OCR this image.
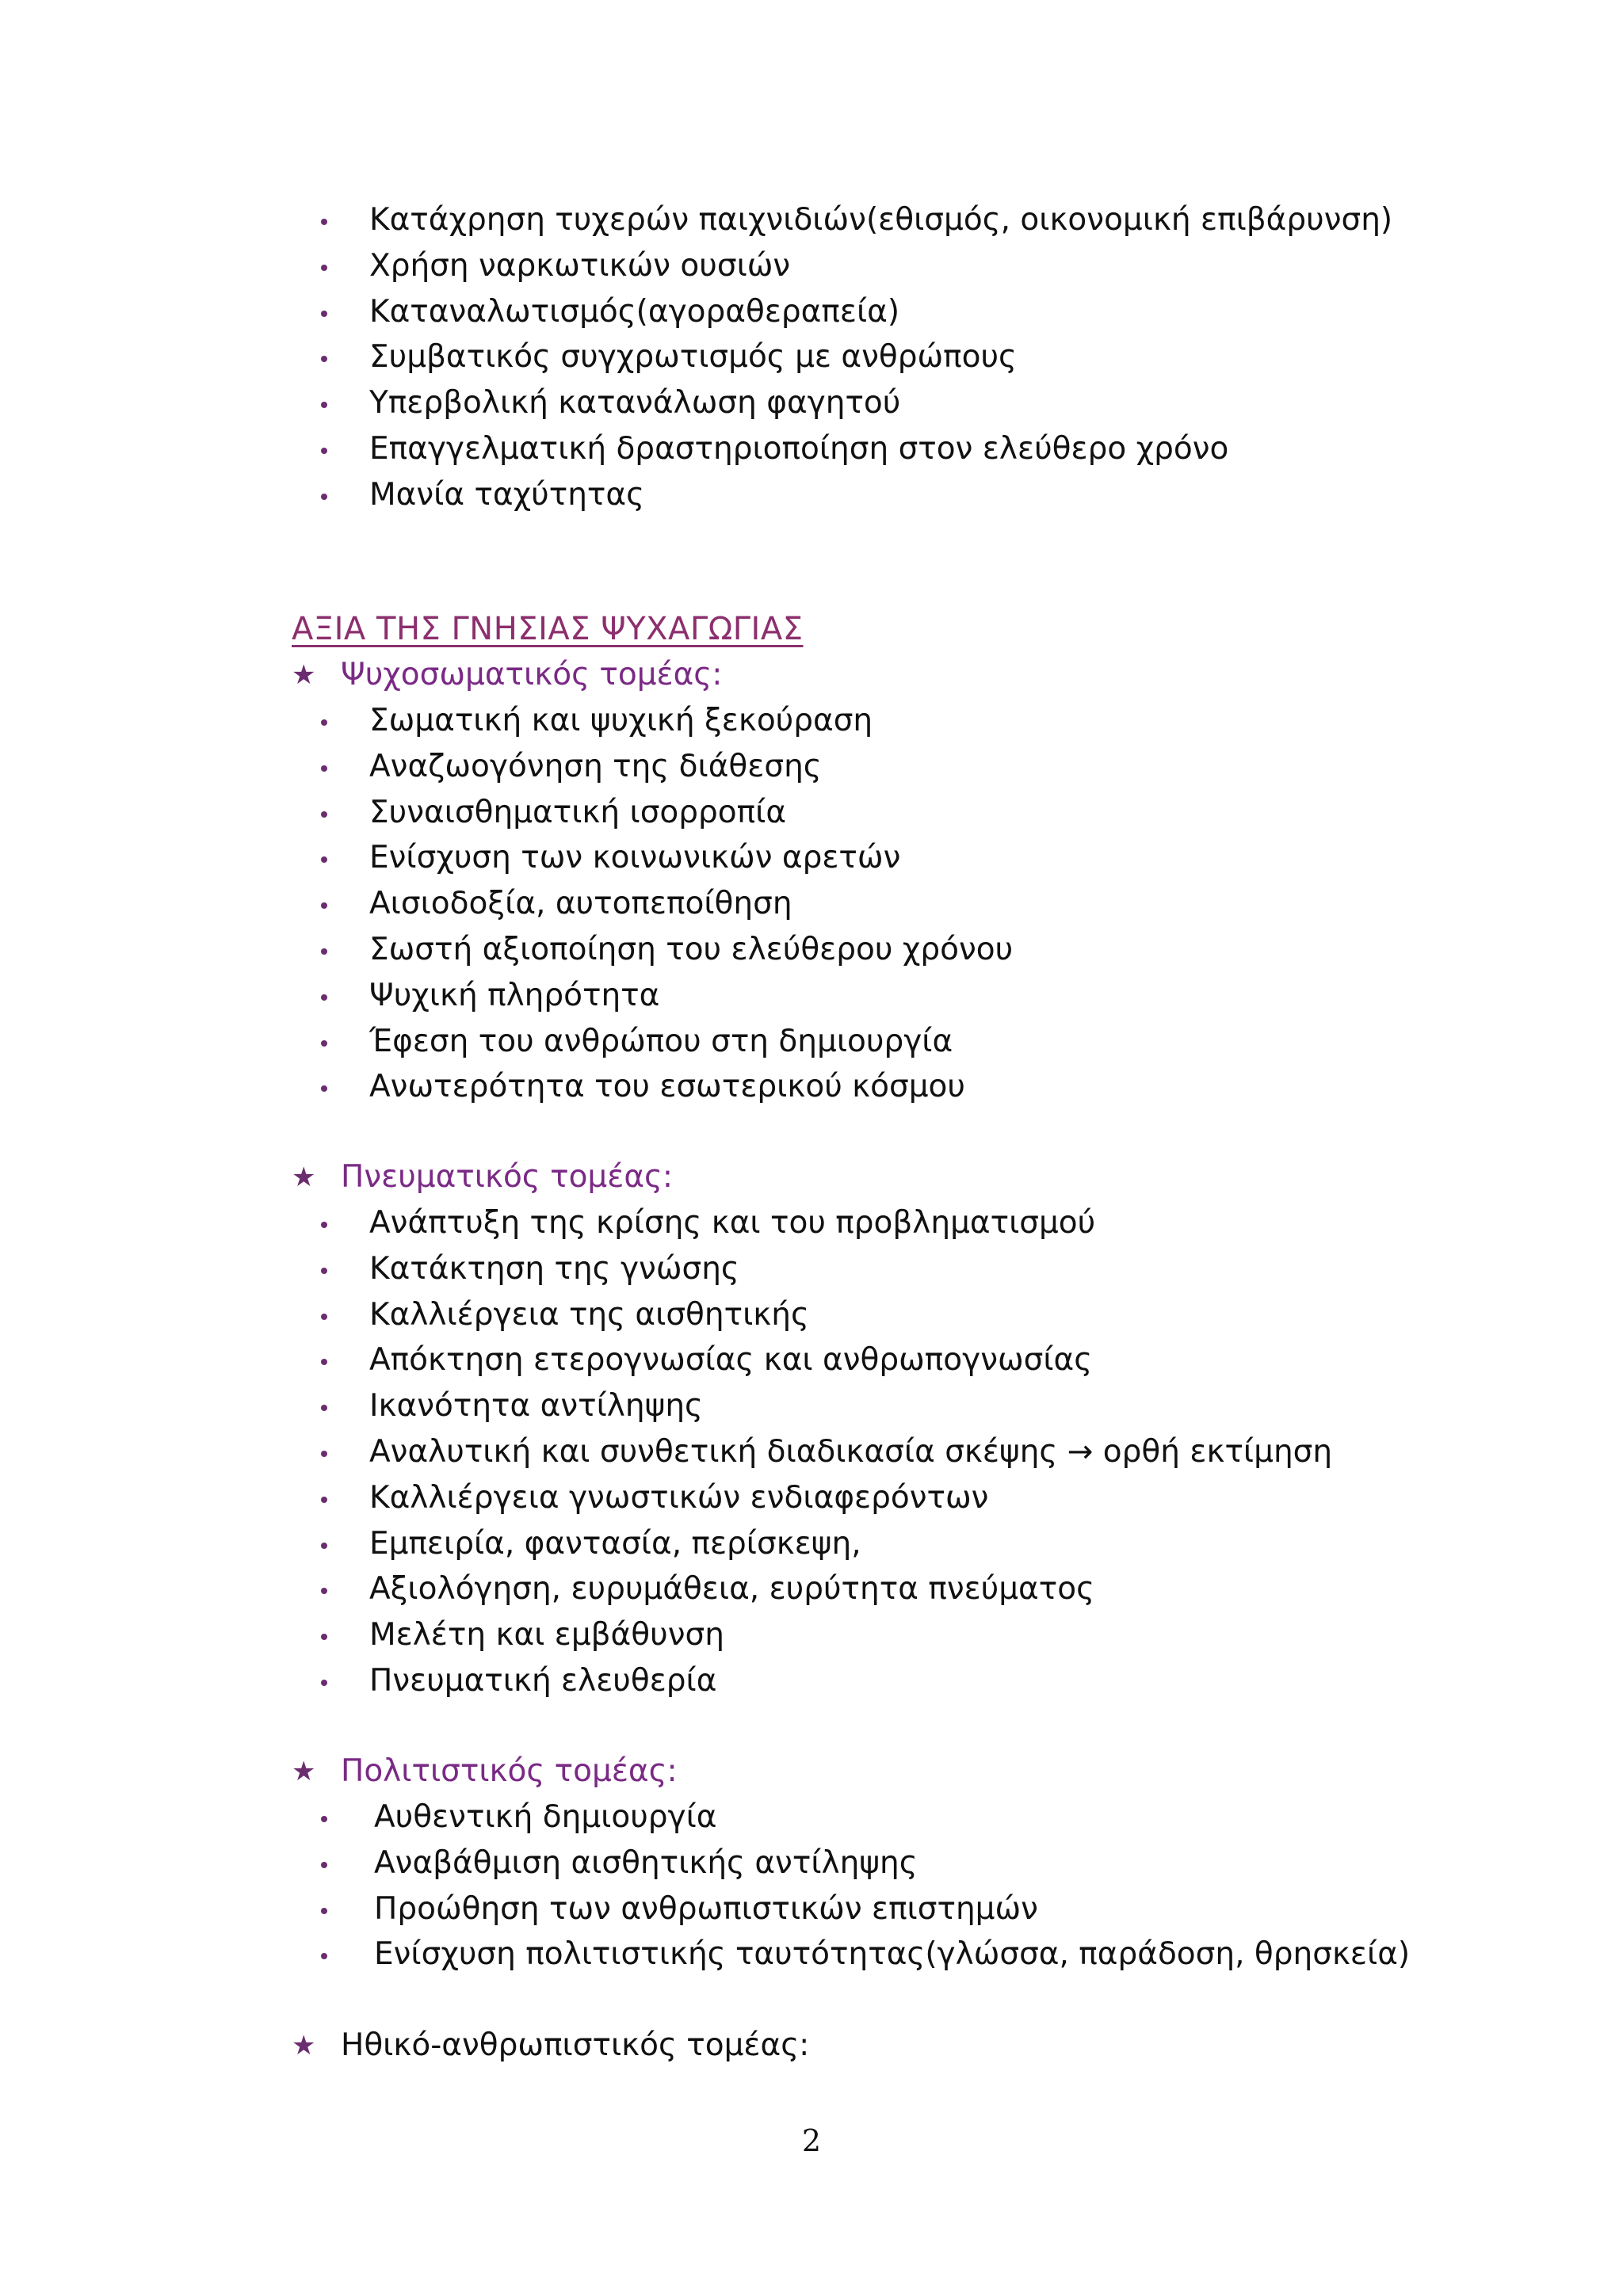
Κατάχρηση τυχερών παιχνιδιών(εθισμός, οικονομική επιβάρυνση)
Χρήση ναρκωτικών ουσιών
Καταναλωτισμός(αγοραθεραπεία)
Συμβατικός συγχρωτισμός με ανθρώπους
Υπερβολική κατανάλωση φαγητού
Επαγγελματική δραστηριοποίηση στον ελεύθερο χρόνο
Μανία ταχύτητας
ΑΞΙΑ ΤΗΣ ΓΝΗΣΙΑΣ ΨΥΧΑΓΩΓΙΑΣ
★ Ψυχοσωματικός τομέας:
Σωματική και ψυχική ξεκούραση
Αναζωογόνηση της διάθεσης
Συναισθηματική ισορροπία
Ενίσχυση των κοινωνικών αρετών
Αισιοδοξία, αυτοπεποίθηση
Σωστή αξιοποίηση του ελεύθερου χρόνου
Ψυχική πληρότητα
Έφεση του ανθρώπου στη δημιουργία
Ανωτερότητα του εσωτερικού κόσμου
★ Πνευματικός τομέας:
Ανάπτυξη της κρίσης και του προβληματισμού
Κατάκτηση της γνώσης
Καλλιέργεια της αισθητικής
Απόκτηση ετερογνωσίας και ανθρωπογνωσίας
Ικανότητα αντίληψης
Αναλυτική και συνθετική διαδικασία σκέψης → ορθή εκτίμηση
Καλλιέργεια γνωστικών ενδιαφερόντων
Εμπειρία, φαντασία, περίσκεψη,
Αξιολόγηση, ευρυμάθεια, ευρύτητα πνεύματος
Μελέτη και εμβάθυνση
Πνευματική ελευθερία
★ Πολιτιστικός τομέας:
Αυθεντική δημιουργία
Αναβάθμιση αισθητικής αντίληψης
Προώθηση των ανθρωπιστικών επιστημών
Ενίσχυση πολιτιστικής ταυτότητας(γλώσσα, παράδοση, θρησκεία)
★ Ηθικό-ανθρωπιστικός τομέας:
2
